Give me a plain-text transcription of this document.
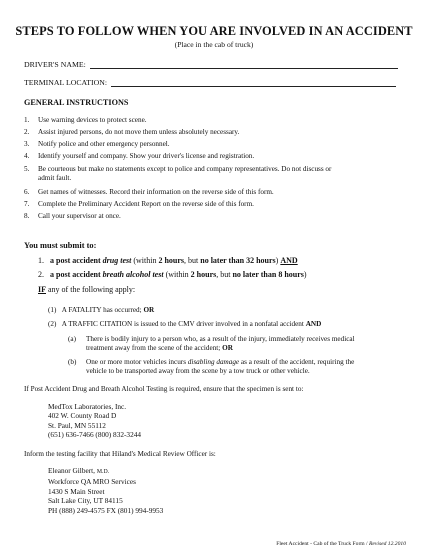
STEPS TO FOLLOW WHEN YOU ARE INVOLVED IN AN ACCIDENT
(Place in the cab of truck)
DRIVER'S NAME:
TERMINAL LOCATION:
GENERAL INSTRUCTIONS
1. Use warning devices to protect scene.
2. Assist injured persons, do not move them unless absolutely necessary.
3. Notify police and other emergency personnel.
4. Identify yourself and company. Show your driver's license and registration.
5. Be courteous but make no statements except to police and company representatives. Do not discuss or
admit fault.
6. Get names of witnesses. Record their information on the reverse side of this form.
7. Complete the Preliminary Accident Report on the reverse side of this form.
8. Call your supervisor at once.
You must submit to:
1. a post accident drug test (within 2 hours, but no later than 32 hours) AND
2. a post accident breath alcohol test (within 2 hours, but no later than 8 hours)
IF any of the following apply:
(1) A FATALITY has occurred; OR
(2) A TRAFFIC CITATION is issued to the CMV driver involved in a nonfatal accident AND
(a) There is bodily injury to a person who, as a result of the injury, immediately receives medical
treatment away from the scene of the accident; OR
(b) One or more motor vehicles incurs disabling damage as a result of the accident, requiring the
vehicle to be transported away from the scene by a tow truck or other vehicle.
If Post Accident Drug and Breath Alcohol Testing is required, ensure that the specimen is sent to:
MedTox Laboratories, Inc.
402 W. County Road D
St. Paul, MN 55112
(651) 636-7466 (800) 832-3244
Inform the testing facility that Hiland's Medical Review Officer is:
Eleanor Gilbert, M.D.
Workforce QA MRO Services
1430 S Main Street
Salt Lake City, UT 84115
PH (888) 249-4575 FX (801) 994-9953
Fleet Accident - Cab of the Truck Form / Revised 12.2010
